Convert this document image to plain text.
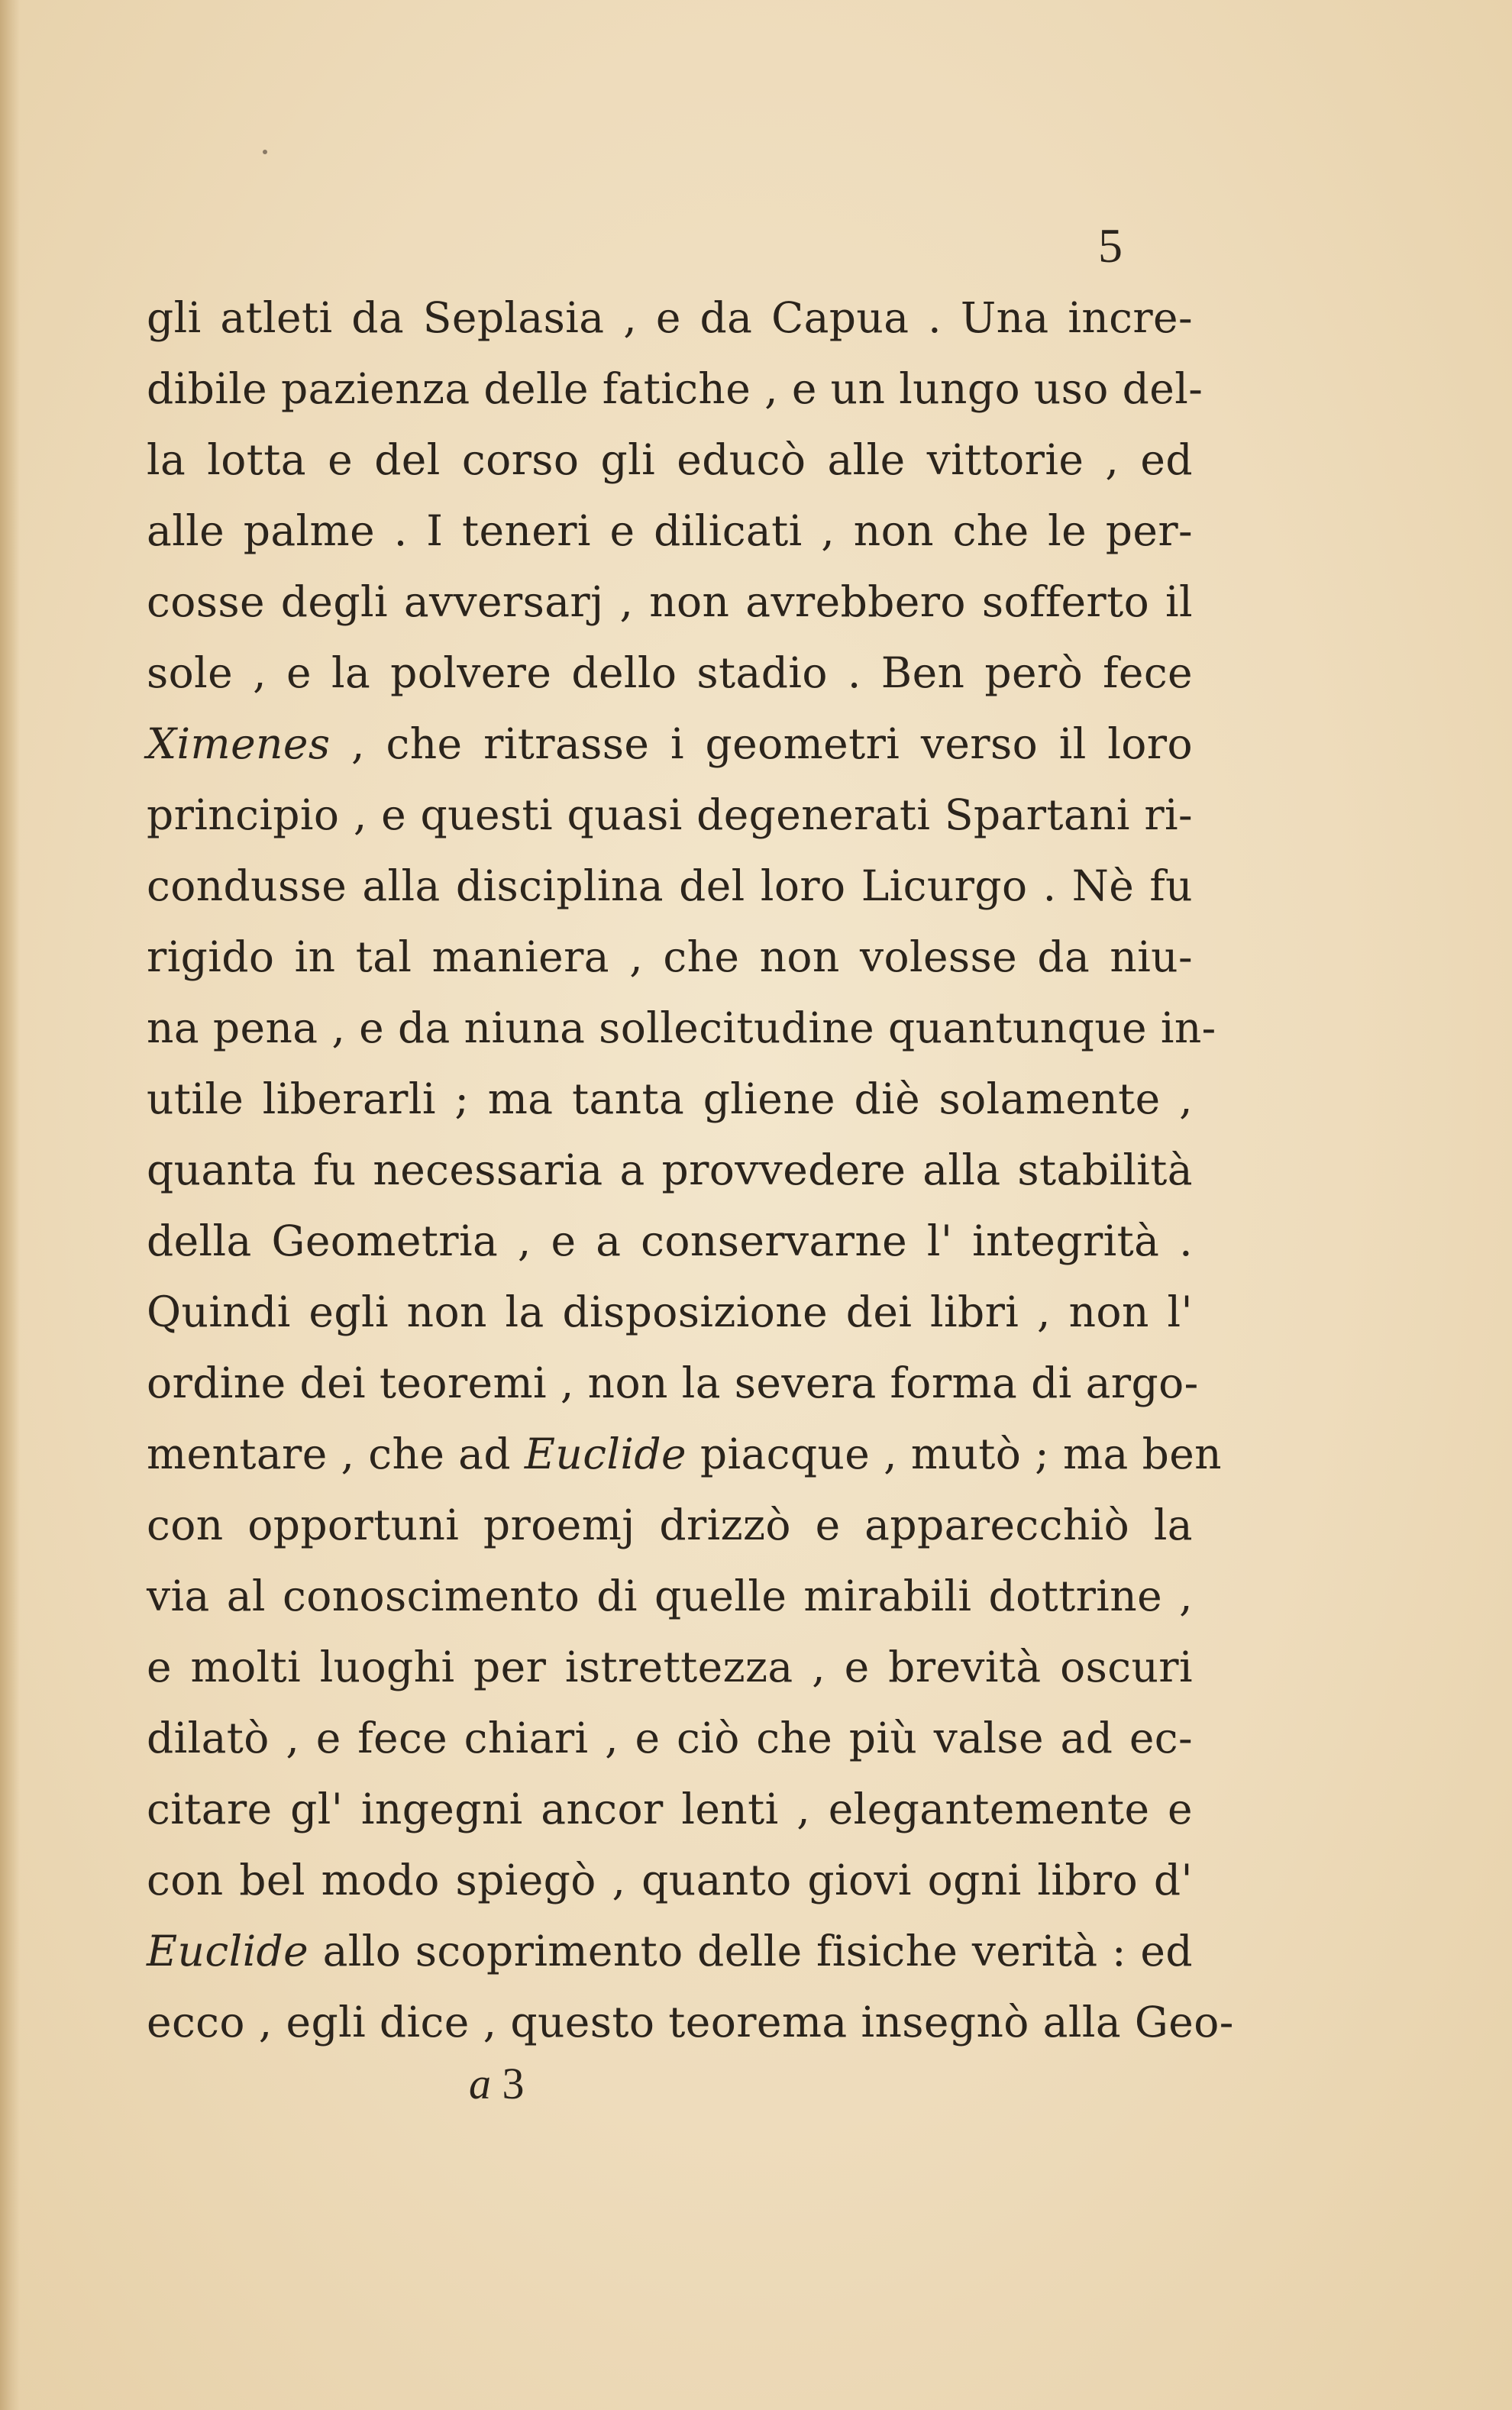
5
gli atleti da Seplasia , e da Capua . Una incre-
dibile pazienza delle fatiche , e un lungo uso del-
la lotta e del corso gli educò alle vittorie , ed
alle palme . I teneri e dilicati , non che le per-
cosse degli avversarj , non avrebbero sofferto il
sole , e la polvere dello stadio . Ben però fece
Ximenes , che ritrasse i geometri verso il loro
principio , e questi quasi degenerati Spartani ri-
condusse alla disciplina del loro Licurgo . Nè fu
rigido in tal maniera , che non volesse da niu-
na pena , e da niuna sollecitudine quantunque in-
utile liberarli ; ma tanta gliene diè solamente ,
quanta fu necessaria a provvedere alla stabilità
della Geometria , e a conservarne l' integrità .
Quindi egli non la disposizione dei libri , non l'
ordine dei teoremi , non la severa forma di argo-
mentare , che ad Euclide piacque , mutò ; ma ben
con opportuni proemj drizzò e apparecchiò la
via al conoscimento di quelle mirabili dottrine ,
e molti luoghi per istrettezza , e brevità oscuri
dilatò , e fece chiari , e ciò che più valse ad ec-
citare gl' ingegni ancor lenti , elegantemente e
con bel modo spiegò , quanto giovi ogni libro d'
Euclide allo scoprimento delle fisiche verità : ed
ecco , egli dice , questo teorema insegnò alla Geo-
a 3
